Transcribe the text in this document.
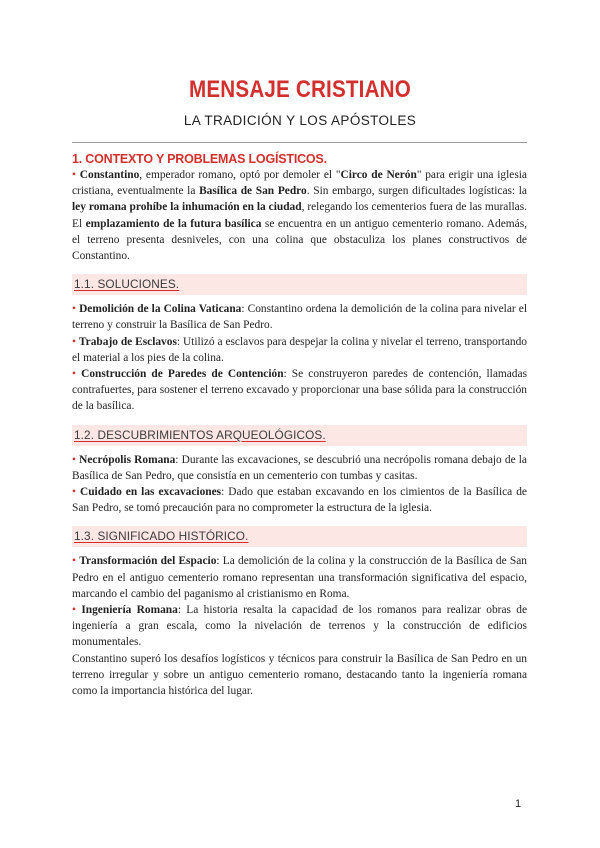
MENSAJE CRISTIANO
LA TRADICIÓN Y LOS APÓSTOLES
1. CONTEXTO Y PROBLEMAS LOGÍSTICOS.

• Constantino, emperador romano, optó por demoler el "Circo de Nerón" para erigir una iglesia cristiana, eventualmente la Basílica de San Pedro. Sin embargo, surgen dificultades logísticas: la ley romana prohíbe la inhumación en la ciudad, relegando los cementerios fuera de las murallas. El emplazamiento de la futura basílica se encuentra en un antiguo cementerio romano. Además, el terreno presenta desniveles, con una colina que obstaculiza los planes constructivos de Constantino.

1.1. SOLUCIONES.

• Demolición de la Colina Vaticana: Constantino ordena la demolición de la colina para nivelar el terreno y construir la Basílica de San Pedro.

• Trabajo de Esclavos: Utilizó a esclavos para despejar la colina y nivelar el terreno, transportando el material a los pies de la colina.

• Construcción de Paredes de Contención: Se construyeron paredes de contención, llamadas contrafuertes, para sostener el terreno excavado y proporcionar una base sólida para la construcción de la basílica.

1.2. DESCUBRIMIENTOS ARQUEOLÓGICOS.

• Necrópolis Romana: Durante las excavaciones, se descubrió una necrópolis romana debajo de la Basílica de San Pedro, que consistía en un cementerio con tumbas y casitas.

• Cuidado en las excavaciones: Dado que estaban excavando en los cimientos de la Basílica de San Pedro, se tomó precaución para no comprometer la estructura de la iglesia.

1.3. SIGNIFICADO HISTÓRICO.

• Transformación del Espacio: La demolición de la colina y la construcción de la Basílica de San Pedro en el antiguo cementerio romano representan una transformación significativa del espacio, marcando el cambio del paganismo al cristianismo en Roma.

• Ingeniería Romana: La historia resalta la capacidad de los romanos para realizar obras de ingeniería a gran escala, como la nivelación de terrenos y la construcción de edificios monumentales.

Constantino superó los desafíos logísticos y técnicos para construir la Basílica de San Pedro en un terreno irregular y sobre un antiguo cementerio romano, destacando tanto la ingeniería romana como la importancia histórica del lugar.

1
